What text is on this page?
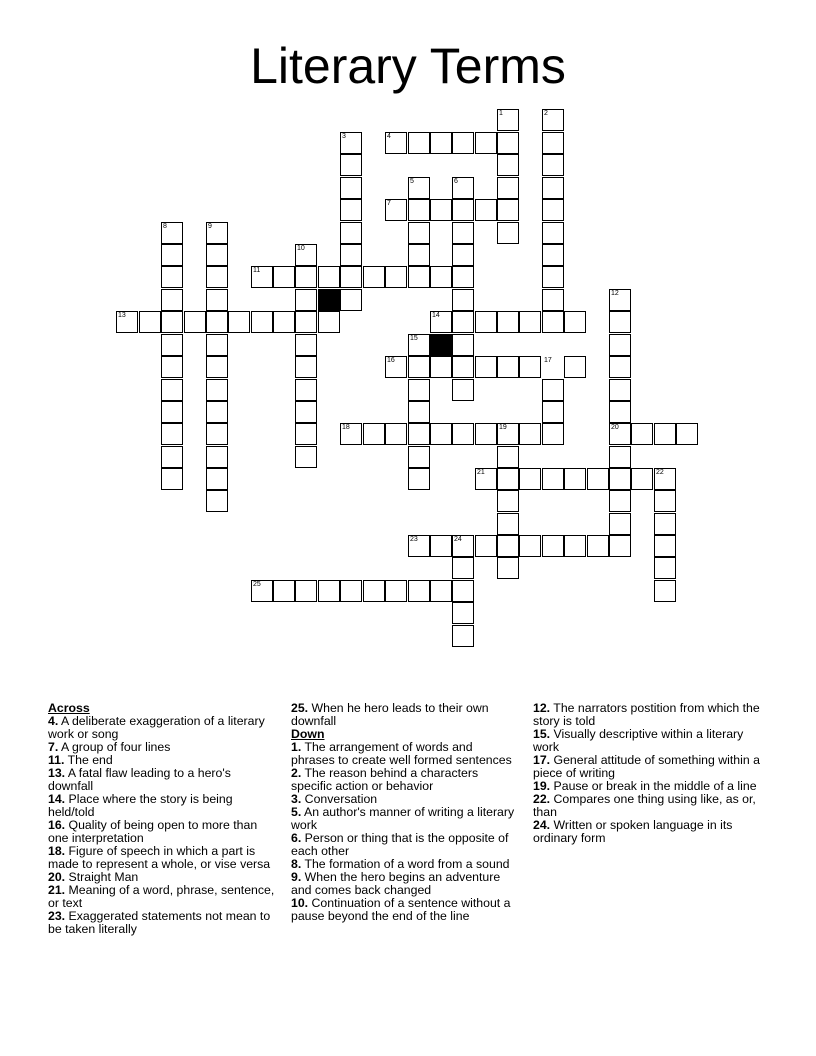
Literary Terms
1	2
3	4
5	6
7
8	9
10
11
12
13	14
15
16	17
18	19	20
21	22
23	24
25
Across
4. A deliberate exaggeration of a literary work or song
7. A group of four lines
11. The end
13. A fatal flaw leading to a hero's downfall
14. Place where the story is being held/told
16. Quality of being open to more than one interpretation
18. Figure of speech in which a part is made to represent a whole, or vise versa
20. Straight Man
21. Meaning of a word, phrase, sentence, or text
23. Exaggerated statements not mean to be taken literally
25. When he hero leads to their own downfall
Down
1. The arrangement of words and phrases to create well formed sentences
2. The reason behind a characters specific action or behavior
3. Conversation
5. An author's manner of writing a literary work
6. Person or thing that is the opposite of each other
8. The formation of a word from a sound
9. When the hero begins an adventure and comes back changed
10. Continuation of a sentence without a pause beyond the end of the line
12. The narrators postition from which the story is told
15. Visually descriptive within a literary work
17. General attitude of something within a piece of writing
19. Pause or break in the middle of a line
22. Compares one thing using like, as or, than
24. Written or spoken language in its ordinary form
